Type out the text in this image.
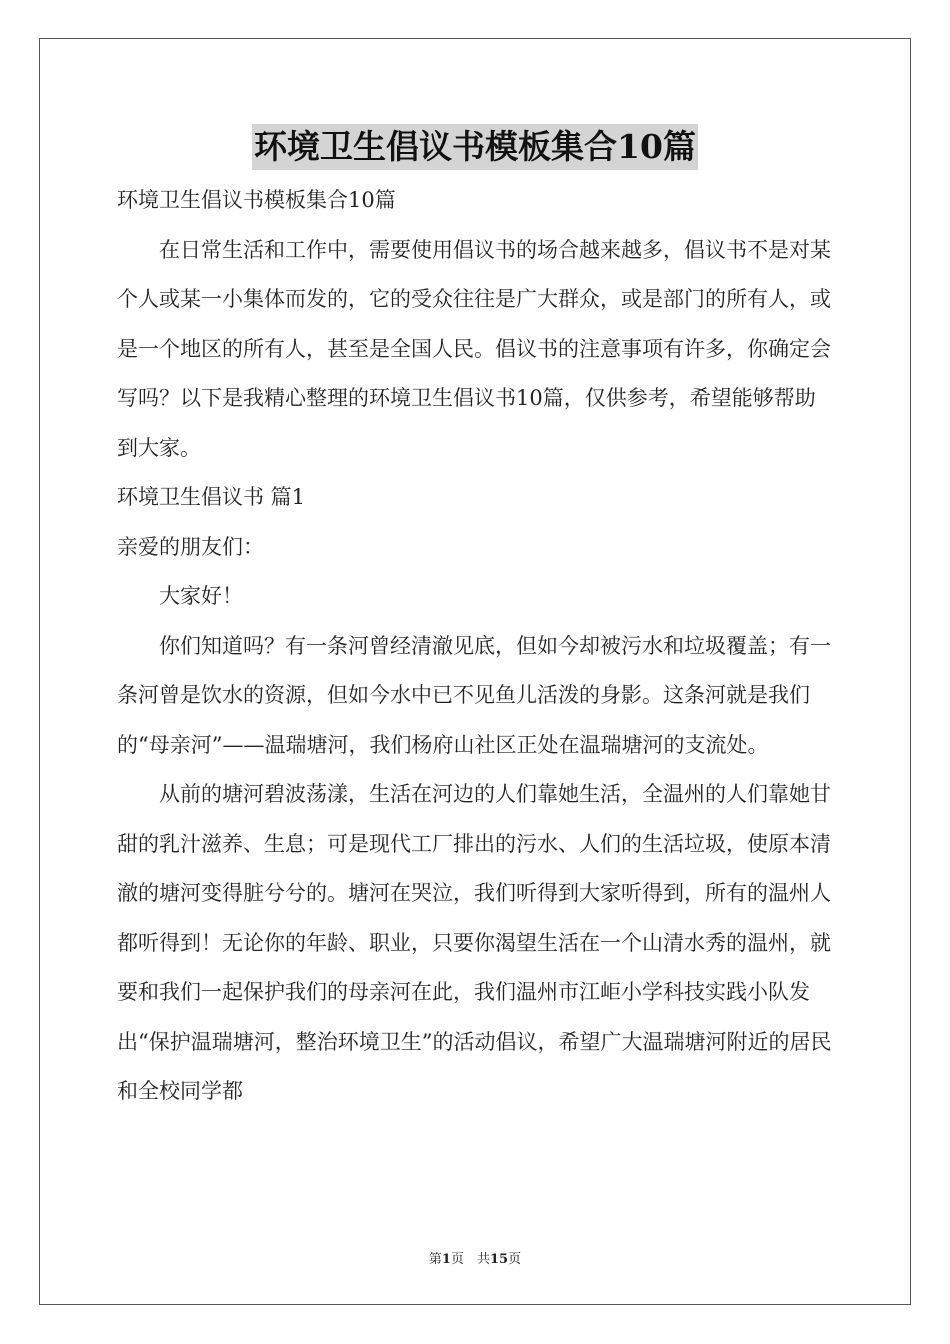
环境卫生倡议书模板集合10篇

环境卫生倡议书模板集合10篇

在日常生活和工作中，需要使用倡议书的场合越来越多，倡议书不是对某个人或某一小集体而发的，它的受众往往是广大群众，或是部门的所有人，或是一个地区的所有人，甚至是全国人民。倡议书的注意事项有许多，你确定会写吗？以下是我精心整理的环境卫生倡议书10篇，仅供参考，希望能够帮助到大家。

环境卫生倡议书 篇1

亲爱的朋友们：

大家好！

你们知道吗？有一条河曾经清澈见底，但如今却被污水和垃圾覆盖；有一条河曾是饮水的资源，但如今水中已不见鱼儿活泼的身影。这条河就是我们的“母亲河”——温瑞塘河，我们杨府山社区正处在温瑞塘河的支流处。

从前的塘河碧波荡漾，生活在河边的人们靠她生活，全温州的人们靠她甘甜的乳汁滋养、生息；可是现代工厂排出的污水、人们的生活垃圾，使原本清澈的塘河变得脏兮兮的。塘河在哭泣，我们听得到大家听得到，所有的温州人都听得到！无论你的年龄、职业，只要你渴望生活在一个山清水秀的温州，就要和我们一起保护我们的母亲河在此，我们温州市江岠小学科技实践小队发出“保护温瑞塘河，整治环境卫生”的活动倡议，希望广大温瑞塘河附近的居民和全校同学都

第1页　共15页
